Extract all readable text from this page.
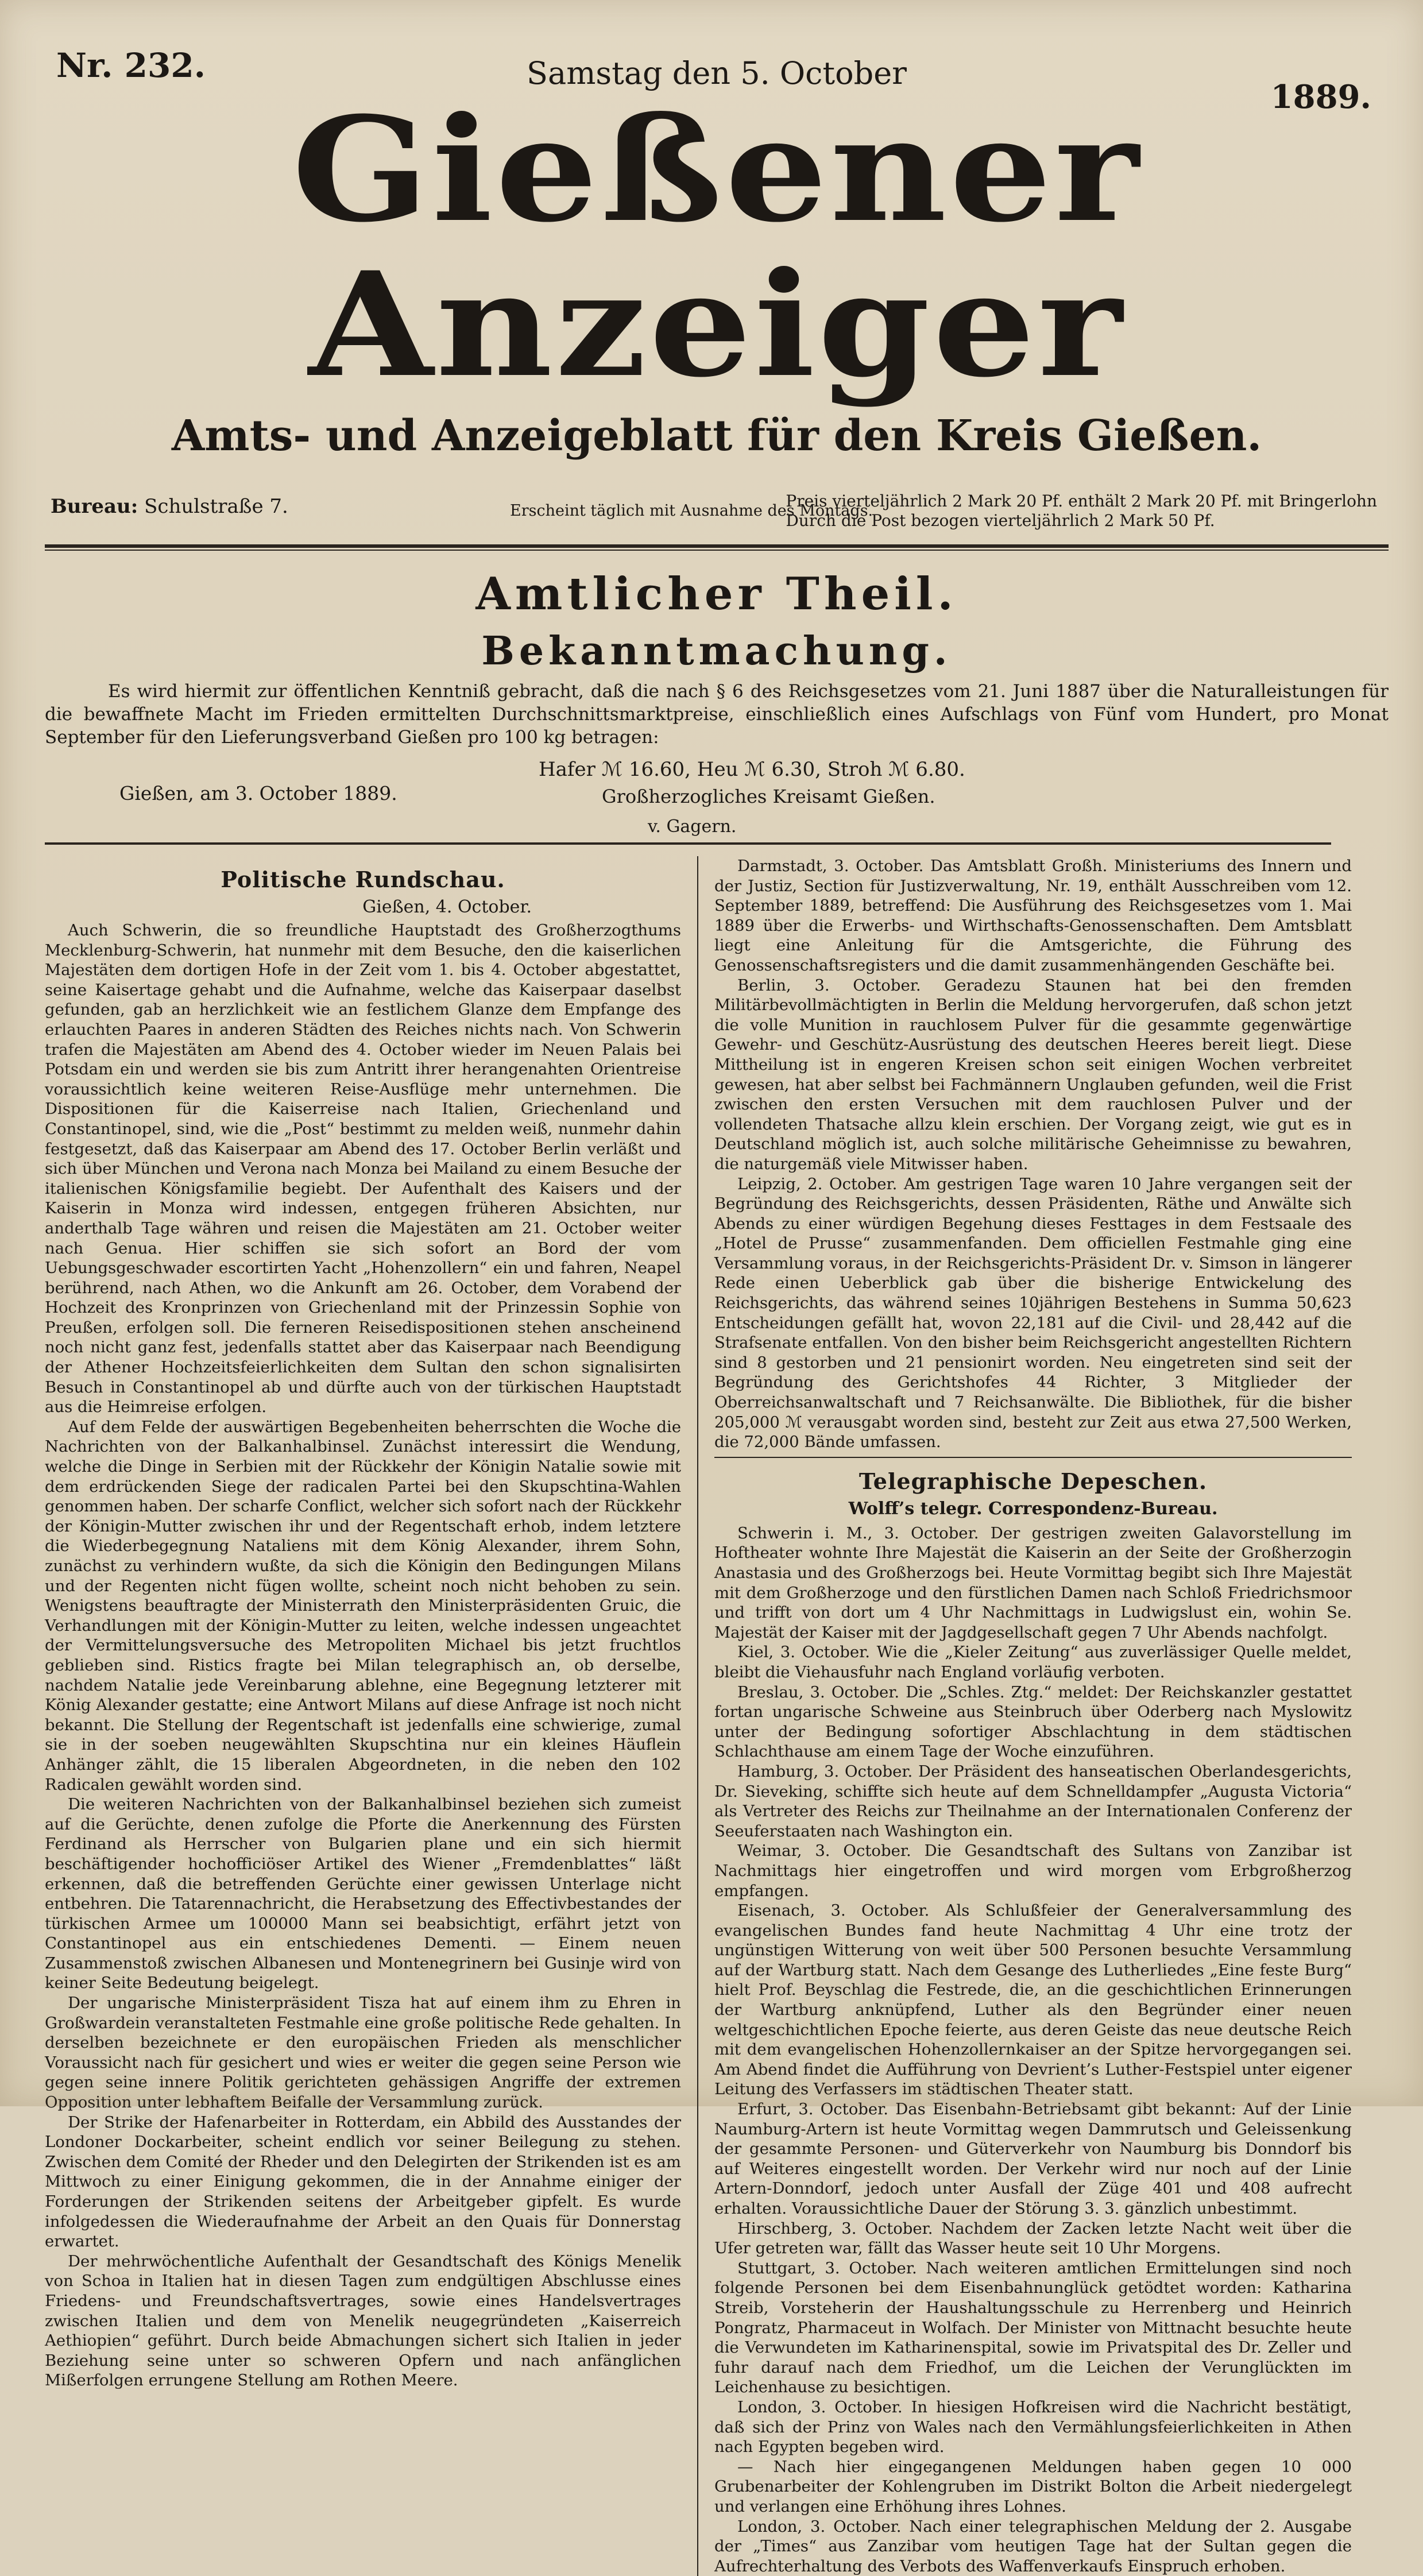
Nr. 232.	Samstag den 5. October
1889.
Gießener Anzeiger
Amts- und Anzeigeblatt für den Kreis Gießen.
Bureau: Schulstraße 7.	Erscheint täglich mit Ausnahme des Montags.
Preis vierteljährlich 2 Mark 20 Pf. enthält 2 Mark 20 Pf. mit Bringerlohn
Durch die Post bezogen vierteljährlich 2 Mark 50 Pf.
Amtlicher Theil.
Bekanntmachung.

Es wird hiermit zur öffentlichen Kenntniß gebracht, daß die nach § 6 des Reichsgesetzes vom 21. Juni 1887 über die Naturalleistungen für die bewaffnete Macht im Frieden ermittelten Durchschnittsmarktpreise, einschließlich eines Aufschlags von Fünf vom Hundert, pro Monat September für den Lieferungsverband Gießen pro 100 kg betragen:

Hafer ℳ 16.60, Heu ℳ 6.30, Stroh ℳ 6.80.
Gießen, am 3. October 1889.	Großherzogliches Kreisamt Gießen.
v. Gagern.
Politische Rundschau.
Gießen, 4. October.

Auch Schwerin, die so freundliche Hauptstadt des Großherzogthums Mecklenburg-Schwerin, hat nunmehr mit dem Besuche, den die kaiserlichen Majestäten dem dortigen Hofe in der Zeit vom 1. bis 4. October abgestattet, seine Kaisertage gehabt und die Aufnahme, welche das Kaiserpaar daselbst gefunden, gab an herzlichkeit wie an festlichem Glanze dem Empfange des erlauchten Paares in anderen Städten des Reiches nichts nach. Von Schwerin trafen die Majestäten am Abend des 4. October wieder im Neuen Palais bei Potsdam ein und werden sie bis zum Antritt ihrer herangenahten Orientreise voraussichtlich keine weiteren Reise-Ausflüge mehr unternehmen. Die Dispositionen für die Kaiserreise nach Italien, Griechenland und Constantinopel, sind, wie die „Post“ bestimmt zu melden weiß, nunmehr dahin festgesetzt, daß das Kaiserpaar am Abend des 17. October Berlin verläßt und sich über München und Verona nach Monza bei Mailand zu einem Besuche der italienischen Königsfamilie begiebt. Der Aufenthalt des Kaisers und der Kaiserin in Monza wird indessen, entgegen früheren Absichten, nur anderthalb Tage währen und reisen die Majestäten am 21. October weiter nach Genua. Hier schiffen sie sich sofort an Bord der vom Uebungsgeschwader escortirten Yacht „Hohenzollern“ ein und fahren, Neapel berührend, nach Athen, wo die Ankunft am 26. October, dem Vorabend der Hochzeit des Kronprinzen von Griechenland mit der Prinzessin Sophie von Preußen, erfolgen soll. Die ferneren Reisedispositionen stehen anscheinend noch nicht ganz fest, jedenfalls stattet aber das Kaiserpaar nach Beendigung der Athener Hochzeitsfeierlichkeiten dem Sultan den schon signalisirten Besuch in Constantinopel ab und dürfte auch von der türkischen Hauptstadt aus die Heimreise erfolgen.

Auf dem Felde der auswärtigen Begebenheiten beherrschten die Woche die Nachrichten von der Balkanhalbinsel. Zunächst interessirt die Wendung, welche die Dinge in Serbien mit der Rückkehr der Königin Natalie sowie mit dem erdrückenden Siege der radicalen Partei bei den Skupschtina-Wahlen genommen haben. Der scharfe Conflict, welcher sich sofort nach der Rückkehr der Königin-Mutter zwischen ihr und der Regentschaft erhob, indem letztere die Wiederbegegnung Nataliens mit dem König Alexander, ihrem Sohn, zunächst zu verhindern wußte, da sich die Königin den Bedingungen Milans und der Regenten nicht fügen wollte, scheint noch nicht behoben zu sein. Wenigstens beauftragte der Ministerrath den Ministerpräsidenten Gruic, die Verhandlungen mit der Königin-Mutter zu leiten, welche indessen ungeachtet der Vermittelungsversuche des Metropoliten Michael bis jetzt fruchtlos geblieben sind. Ristics fragte bei Milan telegraphisch an, ob derselbe, nachdem Natalie jede Vereinbarung ablehne, eine Begegnung letzterer mit König Alexander gestatte; eine Antwort Milans auf diese Anfrage ist noch nicht bekannt. Die Stellung der Regentschaft ist jedenfalls eine schwierige, zumal sie in der soeben neugewählten Skupschtina nur ein kleines Häuflein Anhänger zählt, die 15 liberalen Abgeordneten, in die neben den 102 Radicalen gewählt worden sind.

Die weiteren Nachrichten von der Balkanhalbinsel beziehen sich zumeist auf die Gerüchte, denen zufolge die Pforte die Anerkennung des Fürsten Ferdinand als Herrscher von Bulgarien plane und ein sich hiermit beschäftigender hochofficiöser Artikel des Wiener „Fremdenblattes“ läßt erkennen, daß die betreffenden Gerüchte einer gewissen Unterlage nicht entbehren. Die Tatarennachricht, die Herabsetzung des Effectivbestandes der türkischen Armee um 100000 Mann sei beabsichtigt, erfährt jetzt von Constantinopel aus ein entschiedenes Dementi. — Einem neuen Zusammenstoß zwischen Albanesen und Montenegrinern bei Gusinje wird von keiner Seite Bedeutung beigelegt.

Der ungarische Ministerpräsident Tisza hat auf einem ihm zu Ehren in Großwardein veranstalteten Festmahle eine große politische Rede gehalten. In derselben bezeichnete er den europäischen Frieden als menschlicher Voraussicht nach für gesichert und wies er weiter die gegen seine Person wie gegen seine innere Politik gerichteten gehässigen Angriffe der extremen Opposition unter lebhaftem Beifalle der Versammlung zurück.

Der Strike der Hafenarbeiter in Rotterdam, ein Abbild des Ausstandes der Londoner Dockarbeiter, scheint endlich vor seiner Beilegung zu stehen. Zwischen dem Comité der Rheder und den Delegirten der Strikenden ist es am Mittwoch zu einer Einigung gekommen, die in der Annahme einiger der Forderungen der Strikenden seitens der Arbeitgeber gipfelt. Es wurde infolgedessen die Wiederaufnahme der Arbeit an den Quais für Donnerstag erwartet.

Der mehrwöchentliche Aufenthalt der Gesandtschaft des Königs Menelik von Schoa in Italien hat in diesen Tagen zum endgültigen Abschlusse eines Friedens- und Freundschaftsvertrages, sowie eines Handelsvertrages zwischen Italien und dem von Menelik neugegründeten „Kaiserreich Aethiopien“ geführt. Durch beide Abmachungen sichert sich Italien in jeder Beziehung seine unter so schweren Opfern und nach anfänglichen Mißerfolgen errungene Stellung am Rothen Meere.

Darmstadt, 3. October. Das Amtsblatt Großh. Ministeriums des Innern und der Justiz, Section für Justizverwaltung, Nr. 19, enthält Ausschreiben vom 12. September 1889, betreffend: Die Ausführung des Reichsgesetzes vom 1. Mai 1889 über die Erwerbs- und Wirthschafts-Genossenschaften. Dem Amtsblatt liegt eine Anleitung für die Amtsgerichte, die Führung des Genossenschaftsregisters und die damit zusammenhängenden Geschäfte bei.

Berlin, 3. October. Geradezu Staunen hat bei den fremden Militärbevollmächtigten in Berlin die Meldung hervorgerufen, daß schon jetzt die volle Munition in rauchlosem Pulver für die gesammte gegenwärtige Gewehr- und Geschütz-Ausrüstung des deutschen Heeres bereit liegt. Diese Mittheilung ist in engeren Kreisen schon seit einigen Wochen verbreitet gewesen, hat aber selbst bei Fachmännern Unglauben gefunden, weil die Frist zwischen den ersten Versuchen mit dem rauchlosen Pulver und der vollendeten Thatsache allzu klein erschien. Der Vorgang zeigt, wie gut es in Deutschland möglich ist, auch solche militärische Geheimnisse zu bewahren, die naturgemäß viele Mitwisser haben.

Leipzig, 2. October. Am gestrigen Tage waren 10 Jahre vergangen seit der Begründung des Reichsgerichts, dessen Präsidenten, Räthe und Anwälte sich Abends zu einer würdigen Begehung dieses Festtages in dem Festsaale des „Hotel de Prusse“ zusammenfanden. Dem officiellen Festmahle ging eine Versammlung voraus, in der Reichsgerichts-Präsident Dr. v. Simson in längerer Rede einen Ueberblick gab über die bisherige Entwickelung des Reichsgerichts, das während seines 10jährigen Bestehens in Summa 50,623 Entscheidungen gefällt hat, wovon 22,181 auf die Civil- und 28,442 auf die Strafsenate entfallen. Von den bisher beim Reichsgericht angestellten Richtern sind 8 gestorben und 21 pensionirt worden. Neu eingetreten sind seit der Begründung des Gerichtshofes 44 Richter, 3 Mitglieder der Oberreichsanwaltschaft und 7 Reichsanwälte. Die Bibliothek, für die bisher 205,000 ℳ verausgabt worden sind, besteht zur Zeit aus etwa 27,500 Werken, die 72,000 Bände umfassen.

Telegraphische Depeschen.
Wolff’s telegr. Correspondenz-Bureau.

Schwerin i. M., 3. October. Der gestrigen zweiten Galavorstellung im Hoftheater wohnte Ihre Majestät die Kaiserin an der Seite der Großherzogin Anastasia und des Großherzogs bei. Heute Vormittag begibt sich Ihre Majestät mit dem Großherzoge und den fürstlichen Damen nach Schloß Friedrichsmoor und trifft von dort um 4 Uhr Nachmittags in Ludwigslust ein, wohin Se. Majestät der Kaiser mit der Jagdgesellschaft gegen 7 Uhr Abends nachfolgt.

Kiel, 3. October. Wie die „Kieler Zeitung“ aus zuverlässiger Quelle meldet, bleibt die Viehausfuhr nach England vorläufig verboten.

Breslau, 3. October. Die „Schles. Ztg.“ meldet: Der Reichskanzler gestattet fortan ungarische Schweine aus Steinbruch über Oderberg nach Myslowitz unter der Bedingung sofortiger Abschlachtung in dem städtischen Schlachthause am einem Tage der Woche einzuführen.

Hamburg, 3. October. Der Präsident des hanseatischen Oberlandesgerichts, Dr. Sieveking, schiffte sich heute auf dem Schnelldampfer „Augusta Victoria“ als Vertreter des Reichs zur Theilnahme an der Internationalen Conferenz der Seeuferstaaten nach Washington ein.

Weimar, 3. October. Die Gesandtschaft des Sultans von Zanzibar ist Nachmittags hier eingetroffen und wird morgen vom Erbgroßherzog empfangen.

Eisenach, 3. October. Als Schlußfeier der Generalversammlung des evangelischen Bundes fand heute Nachmittag 4 Uhr eine trotz der ungünstigen Witterung von weit über 500 Personen besuchte Versammlung auf der Wartburg statt. Nach dem Gesange des Lutherliedes „Eine feste Burg“ hielt Prof. Beyschlag die Festrede, die, an die geschichtlichen Erinnerungen der Wartburg anknüpfend, Luther als den Begründer einer neuen weltgeschichtlichen Epoche feierte, aus deren Geiste das neue deutsche Reich mit dem evangelischen Hohenzollernkaiser an der Spitze hervorgegangen sei. Am Abend findet die Aufführung von Devrient’s Luther-Festspiel unter eigener Leitung des Verfassers im städtischen Theater statt.

Erfurt, 3. October. Das Eisenbahn-Betriebsamt gibt bekannt: Auf der Linie Naumburg-Artern ist heute Vormittag wegen Dammrutsch und Geleissenkung der gesammte Personen- und Güterverkehr von Naumburg bis Donndorf bis auf Weiteres eingestellt worden. Der Verkehr wird nur noch auf der Linie Artern-Donndorf, jedoch unter Ausfall der Züge 401 und 408 aufrecht erhalten. Voraussichtliche Dauer der Störung 3. 3. gänzlich unbestimmt.

Hirschberg, 3. October. Nachdem der Zacken letzte Nacht weit über die Ufer getreten war, fällt das Wasser heute seit 10 Uhr Morgens.

Stuttgart, 3. October. Nach weiteren amtlichen Ermittelungen sind noch folgende Personen bei dem Eisenbahnunglück getödtet worden: Katharina Streib, Vorsteherin der Haushaltungsschule zu Herrenberg und Heinrich Pongratz, Pharmaceut in Wolfach. Der Minister von Mittnacht besuchte heute die Verwundeten im Katharinenspital, sowie im Privatspital des Dr. Zeller und fuhr darauf nach dem Friedhof, um die Leichen der Verunglückten im Leichenhause zu besichtigen.

London, 3. October. In hiesigen Hofkreisen wird die Nachricht bestätigt, daß sich der Prinz von Wales nach den Vermählungsfeierlichkeiten in Athen nach Egypten begeben wird.

— Nach hier eingegangenen Meldungen haben gegen 10 000 Grubenarbeiter der Kohlengruben im Distrikt Bolton die Arbeit niedergelegt und verlangen eine Erhöhung ihres Lohnes.

London, 3. October. Nach einer telegraphischen Meldung der 2. Ausgabe der „Times“ aus Zanzibar vom heutigen Tage hat der Sultan gegen die Aufrechterhaltung des Verbots des Waffenverkaufs Einspruch erhoben.
